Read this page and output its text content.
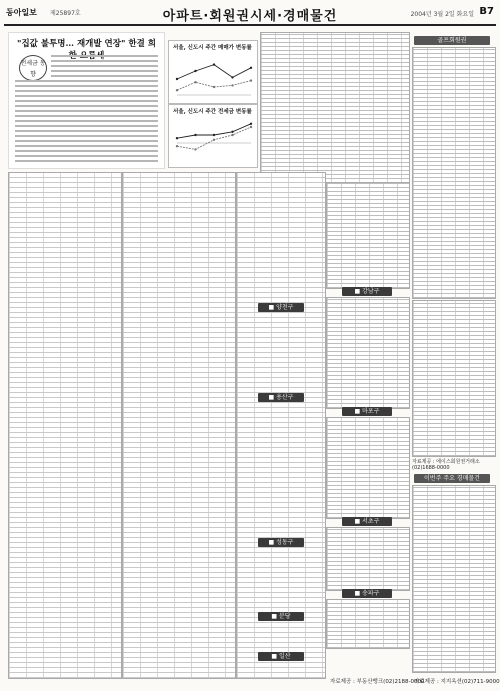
동아일보 제25897호	아파트·회원권시세·경매물건	2004년 3월 2일 화요일 B7
"집값 불투명… 재개발 연장" 한결 희
전세금 동향
서울, 신도시 주간 매매가 변동률
서울, 신도시 주간 전세금 변동률
■ 강남구
■ 마포구
■ 서초구
■ 송파구
■ 양천구
■ 용산구
■ 성동구
■ 분당
■ 일산
골프회원권
자료제공 : 에이스회원권거래소(02)1688-0000
이번주 주요 경매물건
자료제공 : 부동산뱅크(02)2188-0000
자료제공 : 지지옥션(02)711-9000
